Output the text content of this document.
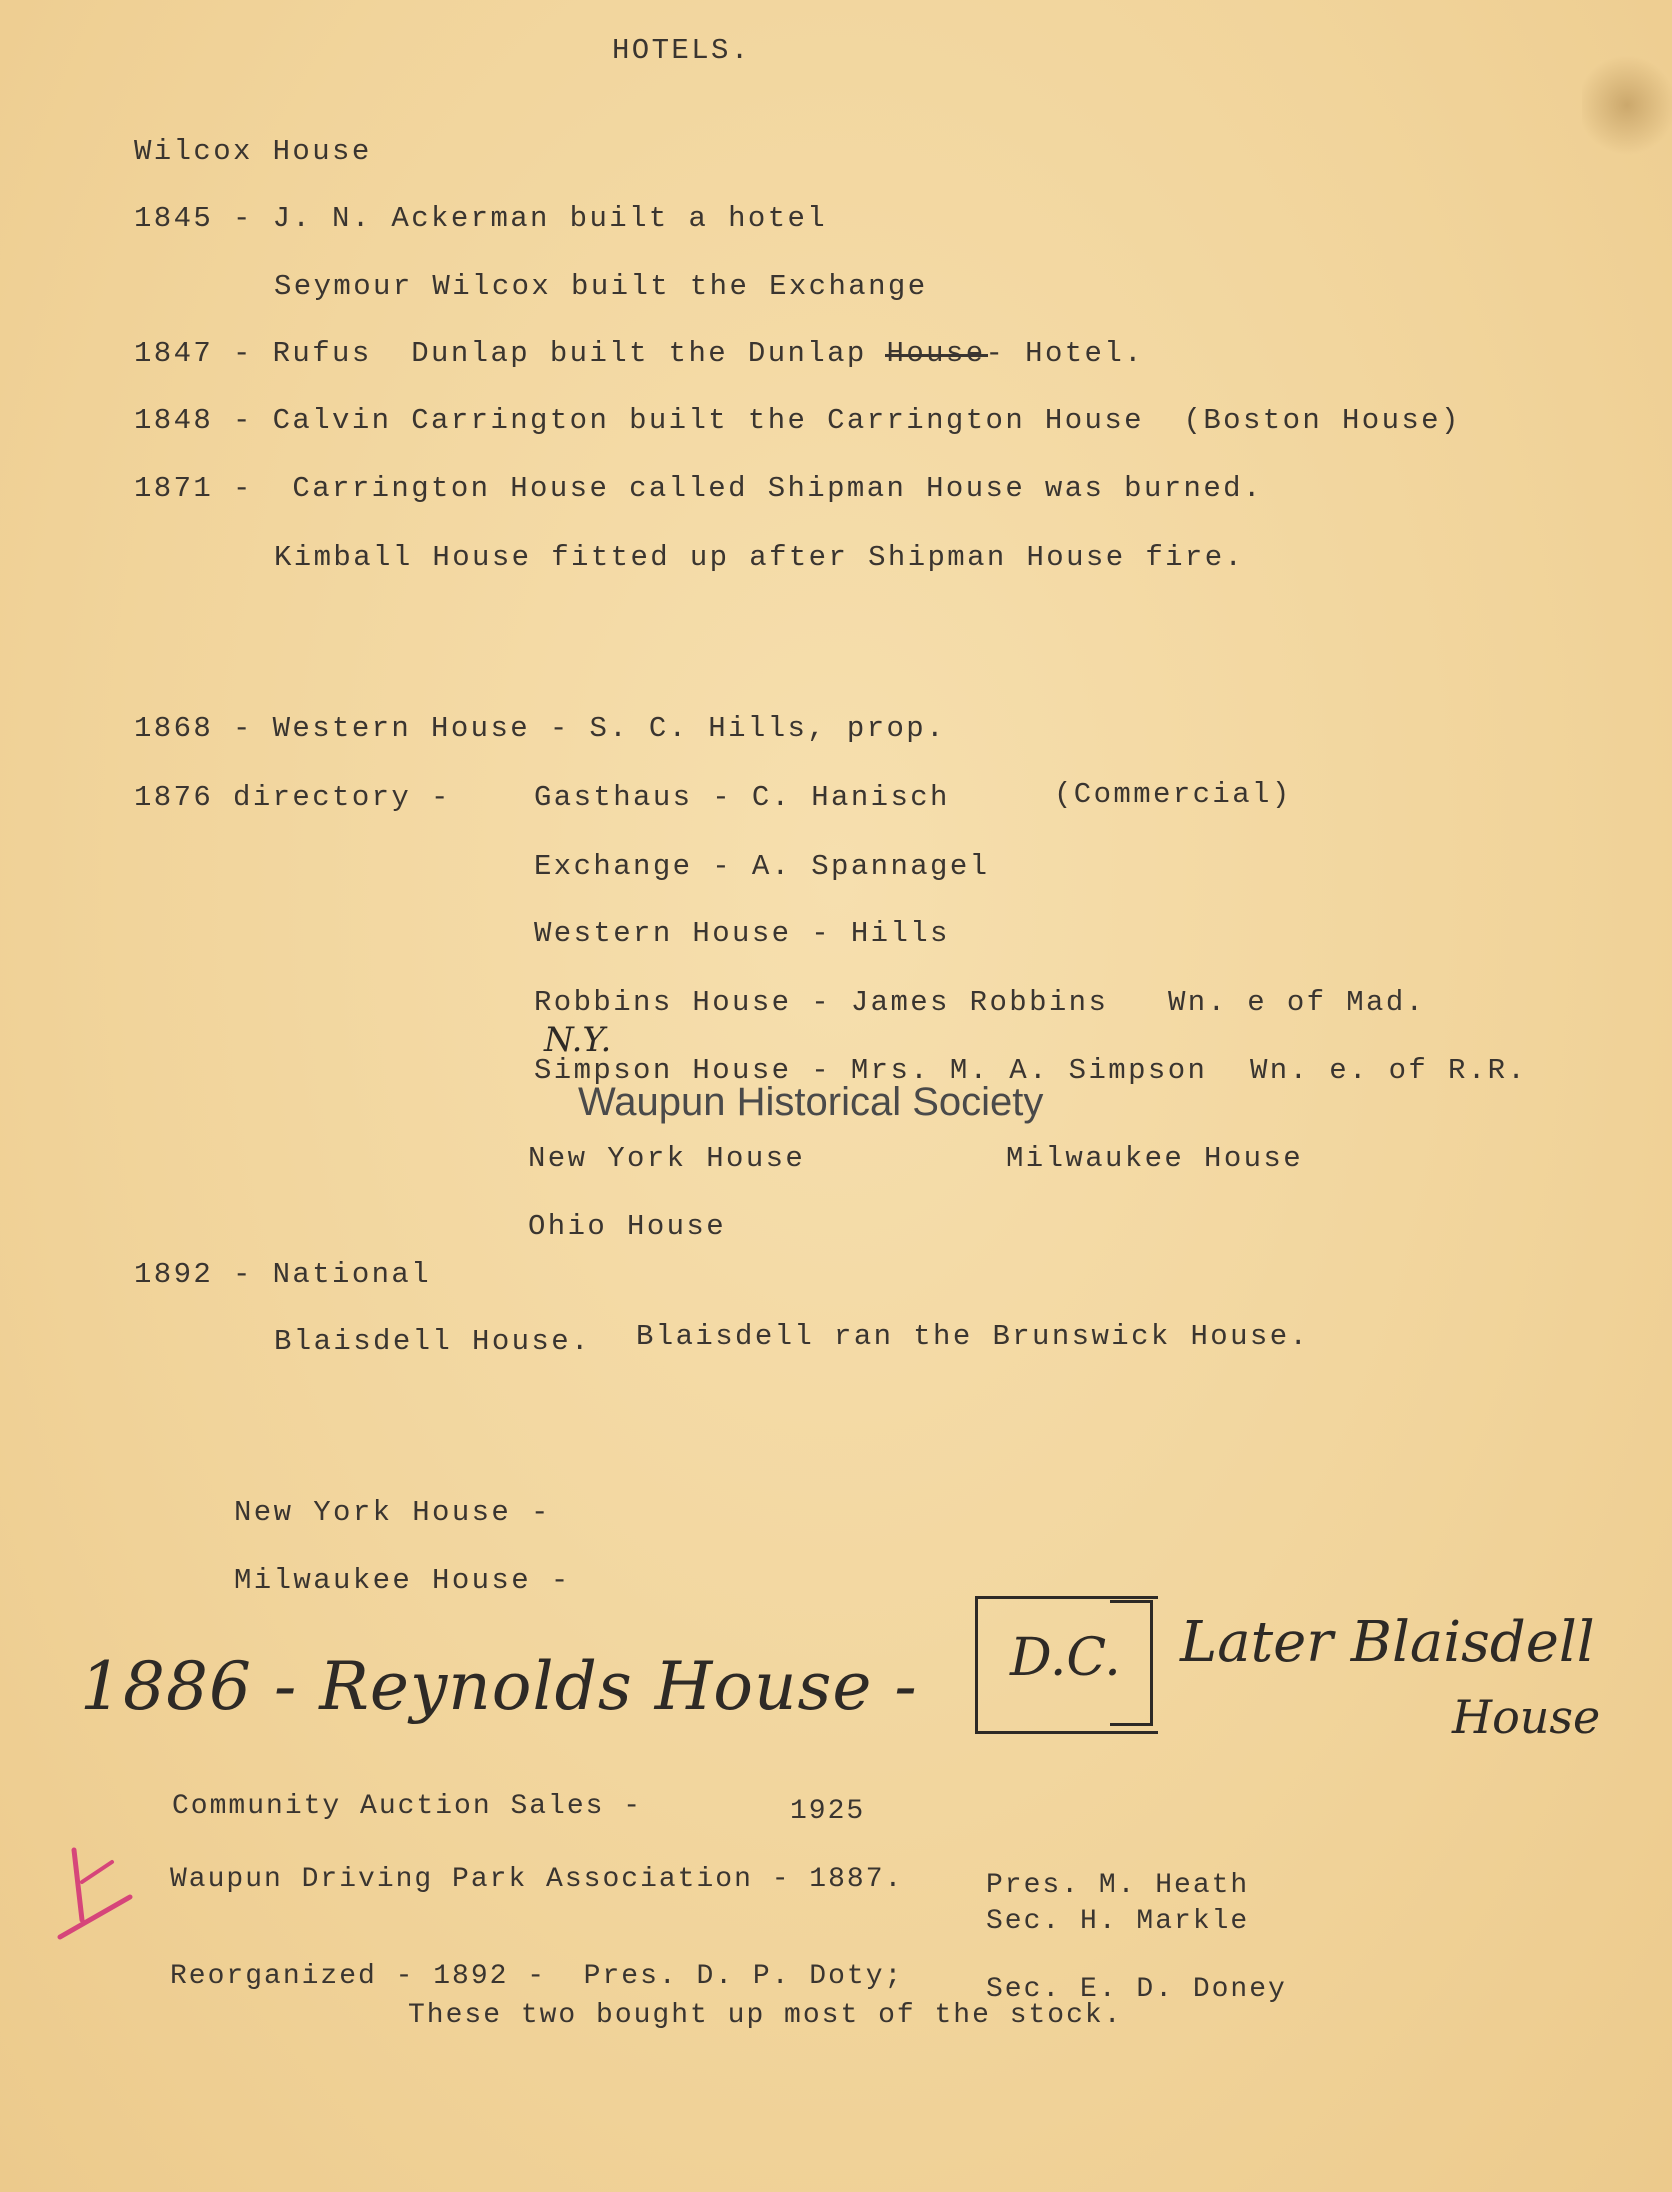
HOTELS.
Wilcox House
1845 - J. N. Ackerman built a hotel
Seymour Wilcox built the Exchange
1847 - Rufus  Dunlap built the Dunlap House- Hotel.
1848 - Calvin Carrington built the Carrington House  (Boston House)
1871 -  Carrington House called Shipman House was burned.
Kimball House fitted up after Shipman House fire.
1868 - Western House - S. C. Hills, prop.
1876 directory -	Gasthaus - C. Hanisch	(Commercial)
Exchange - A. Spannagel
Western House - Hills
Robbins House - James Robbins Wn. e of Mad.
N.Y.
Simpson House - Mrs. M. A. Simpson Wn. e. of R.R.
Waupun Historical Society
New York House	Milwaukee House
Ohio House
1892 - National
Blaisdell House. Blaisdell ran the Brunswick House.
New York House -
Milwaukee House -
1886 - Reynolds House - D.C. Later Blaisdell
House
Community Auction Sales -	1925
Waupun Driving Park Association - 1887.	Pres. M. Heath
Sec. H. Markle
Reorganized - 1892 -  Pres. D. P. Doty;	Sec. E. D. Doney
These two bought up most of the stock.
